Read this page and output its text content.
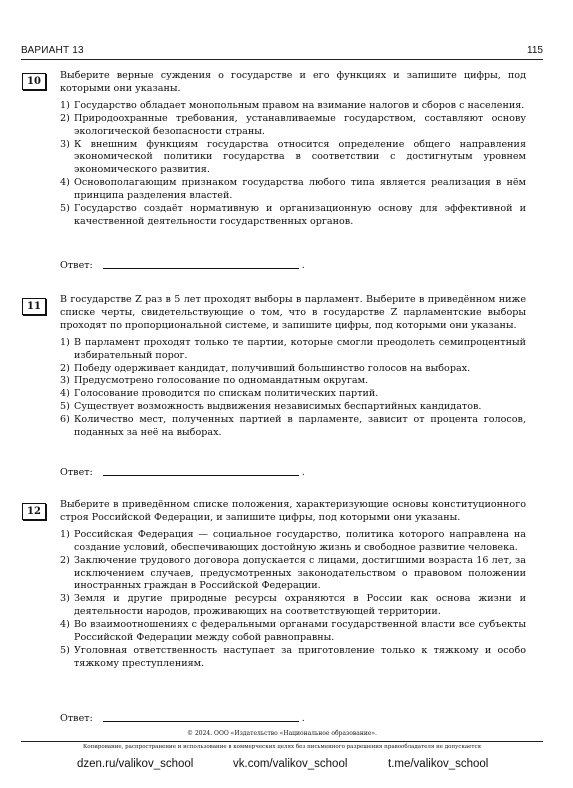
ВАРИАНТ 13	115
10

Выберите верные суждения о государстве и его функциях и запишите цифры, под которыми они указаны.

1) Государство обладает монопольным правом на взимание налогов и сборов с населения.
2) Природоохранные требования, устанавливаемые государством, составляют основу экологической безопасности страны.
3) К внешним функциям государства относится определение общего направления экономической политики государства в соответствии с достигнутым уровнем экономического развития.
4) Основополагающим признаком государства любого типа является реализация в нём принципа разделения властей.
5) Государство создаёт нормативную и организационную основу для эффективной и качественной деятельности государственных органов.
Ответ:	.
11

В государстве Z раз в 5 лет проходят выборы в парламент. Выберите в приведённом ниже списке черты, свидетельствующие о том, что в государстве Z парламентские выборы проходят по пропорциональной системе, и запишите цифры, под которыми они указаны.

1) В парламент проходят только те партии, которые смогли преодолеть семипроцентный избирательный порог.
2) Победу одерживает кандидат, получивший большинство голосов на выборах.
3) Предусмотрено голосование по одномандатным округам.
4) Голосование проводится по спискам политических партий.
5) Существует возможность выдвижения независимых беспартийных кандидатов.
6) Количество мест, полученных партией в парламенте, зависит от процента голосов, поданных за неё на выборах.
Ответ:	.
12

Выберите в приведённом списке положения, характеризующие основы конституционного строя Российской Федерации, и запишите цифры, под которыми они указаны.

1) Российская Федерация — социальное государство, политика которого направлена на создание условий, обеспечивающих достойную жизнь и свободное развитие человека.
2) Заключение трудового договора допускается с лицами, достигшими возраста 16 лет, за исключением случаев, предусмотренных законодательством о правовом положении иностранных граждан в Российской Федерации.
3) Земля и другие природные ресурсы охраняются в России как основа жизни и деятельности народов, проживающих на соответствующей территории.
4) Во взаимоотношениях с федеральными органами государственной власти все субъекты Российской Федерации между собой равноправны.
5) Уголовная ответственность наступает за приготовление только к тяжкому и особо тяжкому преступлениям.
Ответ:	.
© 2024. ООО «Издательство «Национальное образование».
Копирование, распространение и использование в коммерческих целях без письменного разрешения правообладателя не допускается
dzen.ru/valikov_school	vk.com/valikov_school	t.me/valikov_school
